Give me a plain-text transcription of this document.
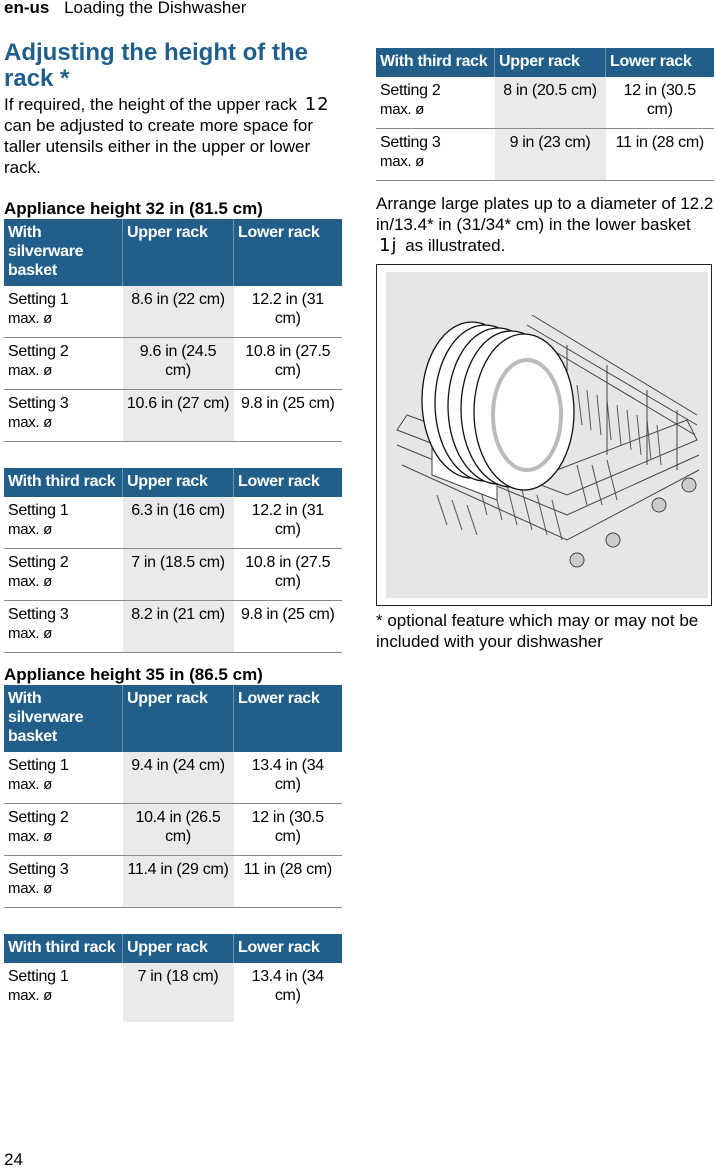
en-us Loading the Dishwasher
Adjusting the height of the rack *

If required, the height of the upper rack 12 can be adjusted to create more space for taller utensils either in the upper or lower rack.

Appliance height 32 in (81.5 cm)
With silverware basket	Upper rack	Lower rack
Setting 1
max. ø	8.6 in (22 cm)	12.2 in (31 cm)
Setting 2
max. ø	9.6 in (24.5 cm)	10.8 in (27.5 cm)
Setting 3
max. ø	10.6 in (27 cm)	9.8 in (25 cm)
With third rack	Upper rack	Lower rack
Setting 1
max. ø	6.3 in (16 cm)	12.2 in (31 cm)
Setting 2
max. ø	7 in (18.5 cm)	10.8 in (27.5 cm)
Setting 3
max. ø	8.2 in (21 cm)	9.8 in (25 cm)
Appliance height 35 in (86.5 cm)
With silverware basket	Upper rack	Lower rack
Setting 1
max. ø	9.4 in (24 cm)	13.4 in (34 cm)
Setting 2
max. ø	10.4 in (26.5 cm)	12 in (30.5 cm)
Setting 3
max. ø	11.4 in (29 cm)	11 in (28 cm)
With third rack	Upper rack	Lower rack
Setting 1
max. ø	7 in (18 cm)	13.4 in (34 cm)
With third rack	Upper rack	Lower rack
Setting 2
max. ø	8 in (20.5 cm)	12 in (30.5 cm)
Setting 3
max. ø	9 in (23 cm)	11 in (28 cm)

Arrange large plates up to a diameter of 12.2 in/13.4* in (31/34* cm) in the lower basket 1j as illustrated.

* optional feature which may or may not be included with your dishwasher

24
